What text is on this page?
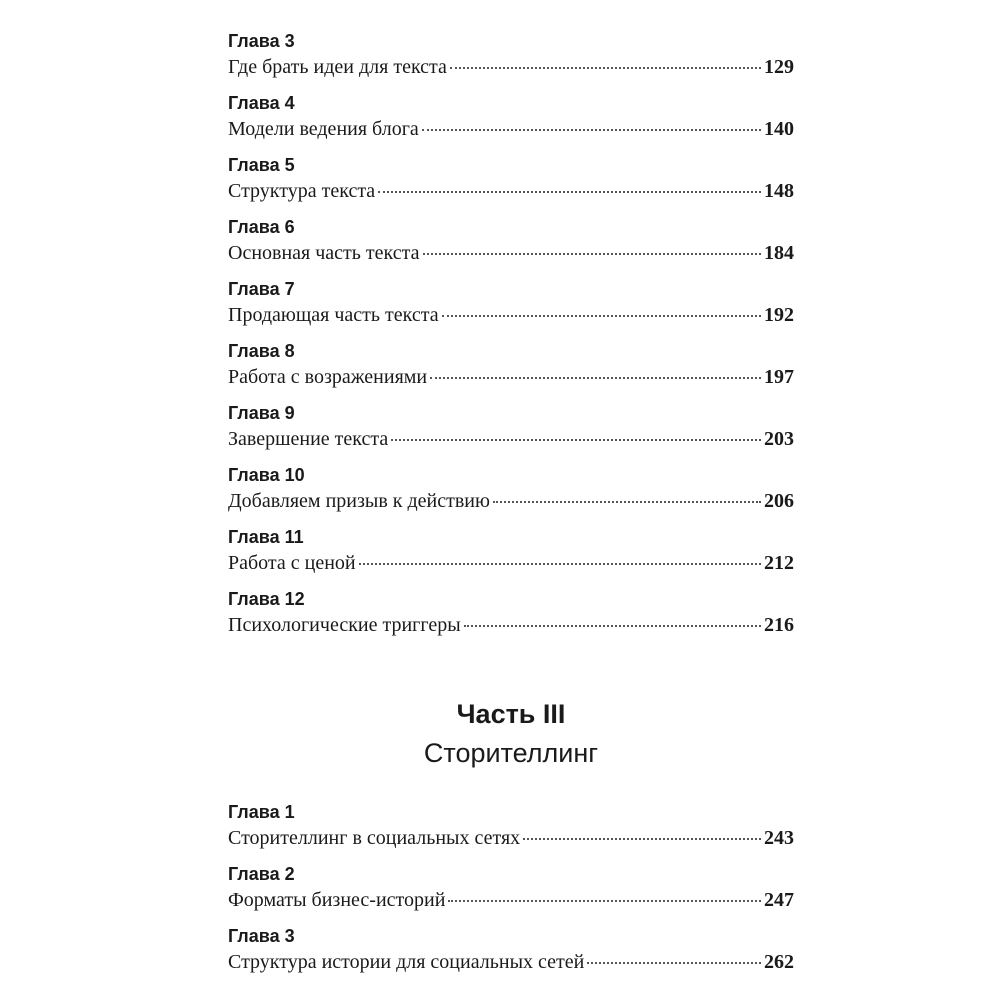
Глава 3
Где брать идеи для текста	129
Глава 4
Модели ведения блога	140
Глава 5
Структура текста	148
Глава 6
Основная часть текста	184
Глава 7
Продающая часть текста	192
Глава 8
Работа с возражениями	197
Глава 9
Завершение текста	203
Глава 10
Добавляем призыв к действию	206
Глава 11
Работа с ценой	212
Глава 12
Психологические триггеры	216
Часть III
Сторителлинг
Глава 1
Сторителлинг в социальных сетях	243
Глава 2
Форматы бизнес-историй	247
Глава 3
Структура истории для социальных сетей	262
